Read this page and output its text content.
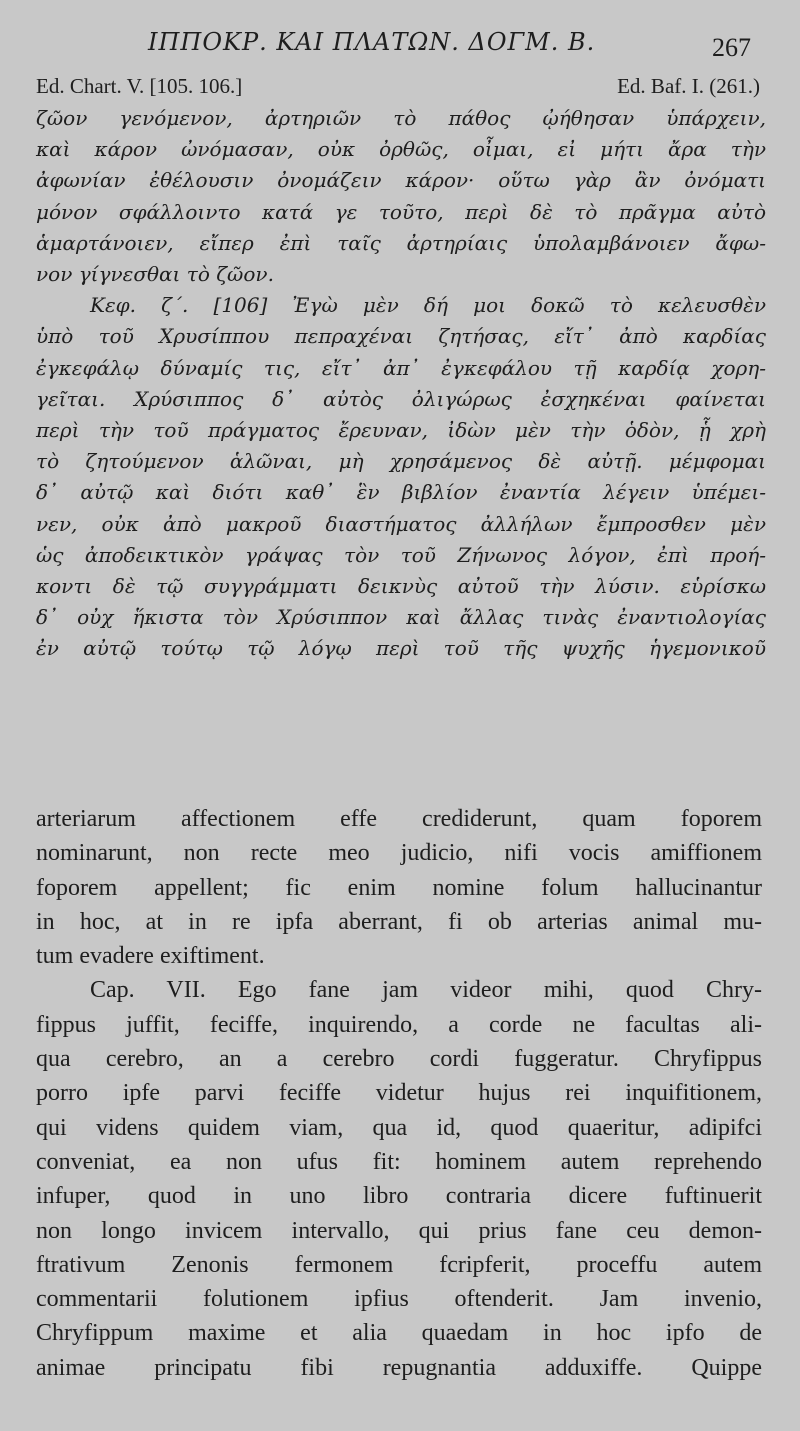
ΙΠΠΟΚΡ. ΚΑΙ ΠΛΑΤΩΝ. ΔΟΓΜ. Β.	267
Ed. Chart. V. [105. 106.]	Ed. Baf. I. (261.)
ζῶον γενόμενον, ἀρτηριῶν τὸ πάθος ᾠήθησαν ὑπάρχειν,
καὶ κάρον ὠνόμασαν, οὐκ ὀρθῶς, οἶμαι, εἰ μήτι ἄρα τὴν
ἀφωνίαν ἐθέλουσιν ὀνομάζειν κάρον· οὕτω γὰρ ἂν ὀνόματι
μόνον σφάλλοιντο κατά γε τοῦτο, περὶ δὲ τὸ πρᾶγμα αὐτὸ
ἁμαρτάνοιεν, εἴπερ ἐπὶ ταῖς ἀρτηρίαις ὑπολαμβάνοιεν ἄφω-
νον γίγνεσθαι τὸ ζῶον.
Κεφ. ζ΄. [106] Ἐγὼ μὲν δή μοι δοκῶ τὸ κελευσθὲν
ὑπὸ τοῦ Χρυσίππου πεπραχέναι ζητήσας, εἴτ᾿ ἀπὸ καρδίας
ἐγκεφάλῳ δύναμίς τις, εἴτ᾿ ἀπ᾿ ἐγκεφάλου τῇ καρδίᾳ χορη-
γεῖται. Χρύσιππος δ᾿ αὐτὸς ὀλιγώρως ἐσχηκέναι φαίνεται
περὶ τὴν τοῦ πράγματος ἔρευναν, ἰδὼν μὲν τὴν ὁδὸν, ᾗ χρὴ
τὸ ζητούμενον ἁλῶναι, μὴ χρησάμενος δὲ αὐτῇ. μέμφομαι
δ᾿ αὐτῷ καὶ διότι καθ᾿ ἓν βιβλίον ἐναντία λέγειν ὑπέμει-
νεν, οὐκ ἀπὸ μακροῦ διαστήματος ἀλλήλων ἔμπροσθεν μὲν
ὡς ἀποδεικτικὸν γράψας τὸν τοῦ Ζήνωνος λόγον, ἐπὶ προή-
κοντι δὲ τῷ συγγράμματι δεικνὺς αὐτοῦ τὴν λύσιν. εὑρίσκω
δ᾿ οὐχ ἥκιστα τὸν Χρύσιππον καὶ ἄλλας τινὰς ἐναντιολογίας
ἐν αὐτῷ τούτῳ τῷ λόγῳ περὶ τοῦ τῆς ψυχῆς ἡγεμονικοῦ
arteriarum affectionem effe crediderunt, quam foporem
nominarunt, non recte meo judicio, nifi vocis amiffionem
foporem appellent; fic enim nomine folum hallucinantur
in hoc, at in re ipfa aberrant, fi ob arterias animal mu-
tum evadere exiftiment.
Cap. VII. Ego fane jam videor mihi, quod Chry-
fippus juffit, feciffe, inquirendo, a corde ne facultas ali-
qua cerebro, an a cerebro cordi fuggeratur. Chryfippus
porro ipfe parvi feciffe videtur hujus rei inquifitionem,
qui videns quidem viam, qua id, quod quaeritur, adipifci
conveniat, ea non ufus fit: hominem autem reprehendo
infuper, quod in uno libro contraria dicere fuftinuerit
non longo invicem intervallo, qui prius fane ceu demon-
ftrativum Zenonis fermonem fcripferit, proceffu autem
commentarii folutionem ipfius oftenderit. Jam invenio,
Chryfippum maxime et alia quaedam in hoc ipfo de
animae principatu fibi repugnantia adduxiffe. Quippe
